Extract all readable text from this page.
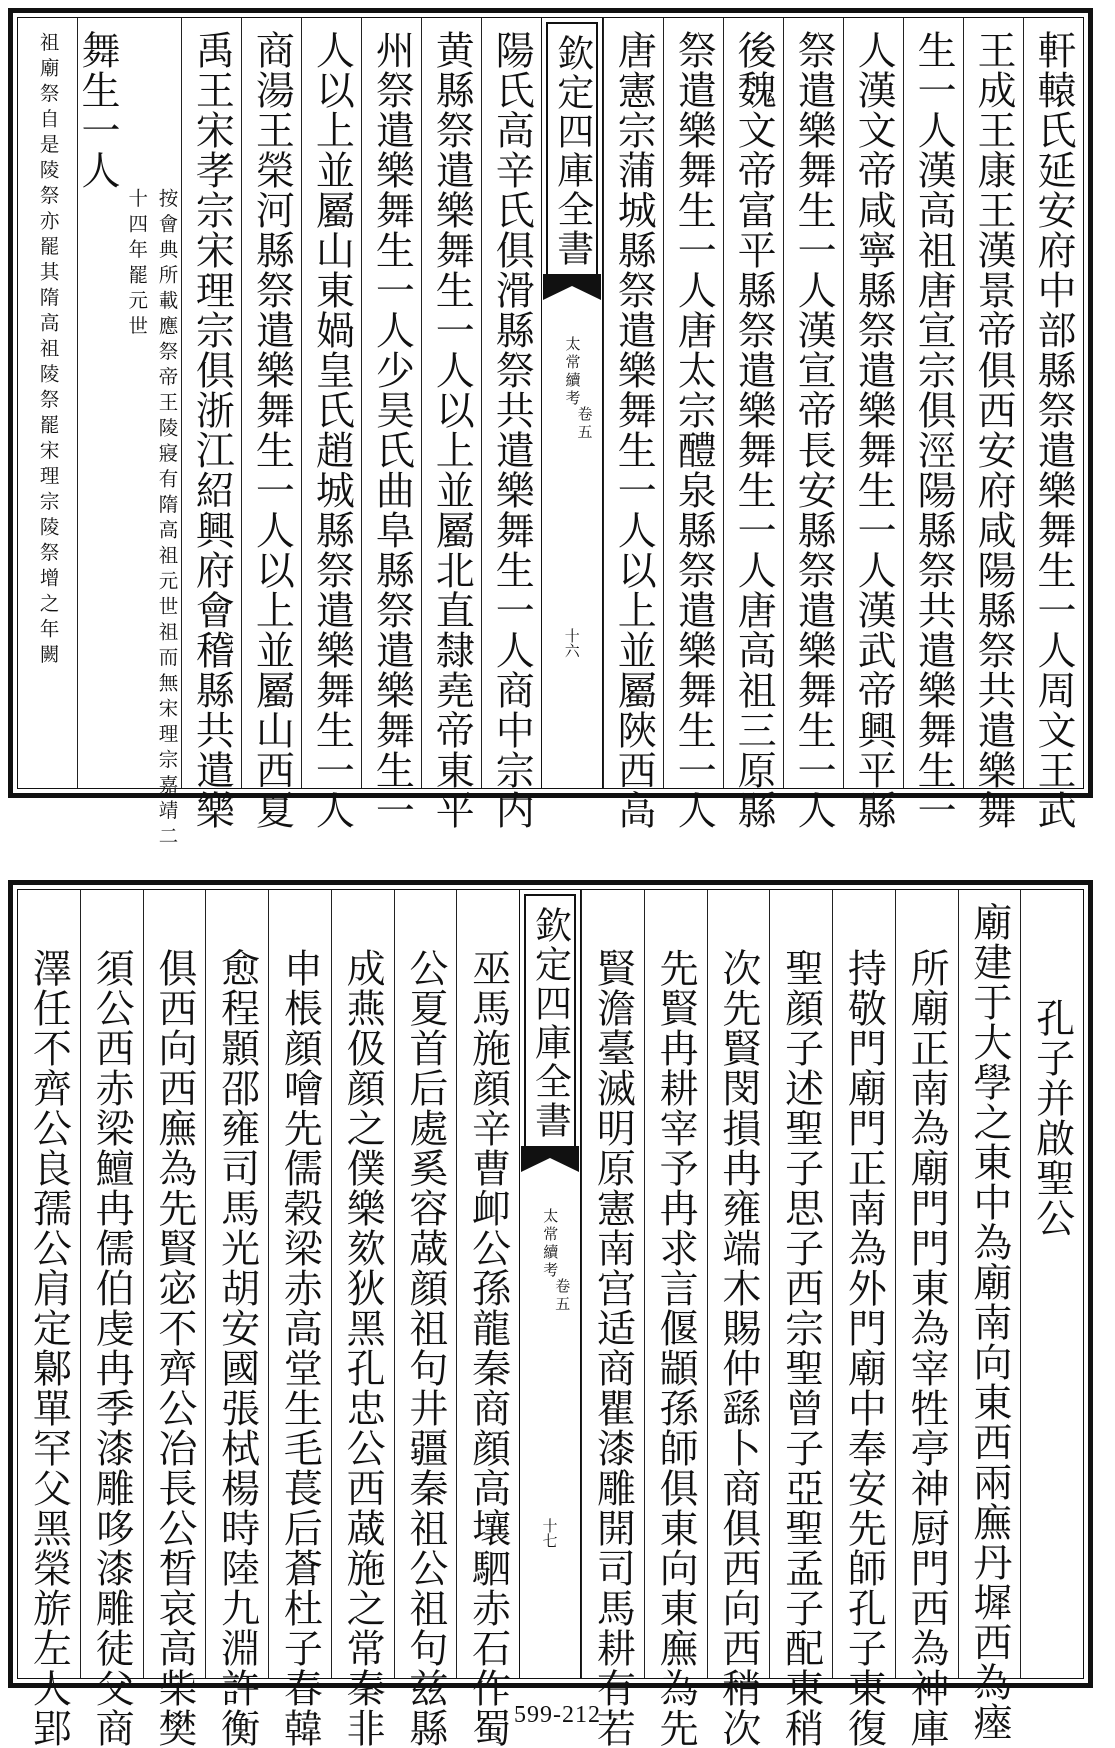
軒轅氏延安府中部縣祭遣樂舞生一人周文王武
王成王康王漢景帝俱西安府咸陽縣祭共遣樂舞
生一人漢高祖唐宣宗俱涇陽縣祭共遣樂舞生一
人漢文帝咸寧縣祭遣樂舞生一人漢武帝興平縣
祭遣樂舞生一人漢宣帝長安縣祭遣樂舞生一人
後魏文帝富平縣祭遣樂舞生一人唐高祖三原縣
祭遣樂舞生一人唐太宗醴泉縣祭遣樂舞生一人
唐憲宗蒲城縣祭遣樂舞生一人以上並屬陜西高
欽定四庫全書
太常續考
卷五
十六
陽氏高辛氏俱滑縣祭共遣樂舞生一人商中宗内
黄縣祭遣樂舞生一人以上並屬北直隸堯帝東平
州祭遣樂舞生一人少昊氏曲阜縣祭遣樂舞生一
人以上並屬山東媧皇氏趙城縣祭遣樂舞生一人
商湯王榮河縣祭遣樂舞生一人以上並屬山西夏
禹王宋孝宗宋理宗俱浙江紹興府會稽縣共遣樂
舞生一人
按會典所載應祭帝王陵寢有隋高祖元世祖而無宋理宗嘉靖二十四年罷元世
祖廟祭自是陵祭亦罷其隋高祖陵祭罷宋理宗陵祭增之年闕
孔子并啟聖公
廟建于大學之東中為廟南向東西兩廡丹墀西為瘞
所廟正南為廟門門東為宰牲亭神厨門西為神庫
持敬門廟門正南為外門廟中奉安先師孔子東復
聖顔子述聖子思子西宗聖曾子亞聖孟子配東稍
次先賢閔損冉雍端木賜仲繇卜商俱西向西稍次
先賢冉耕宰予冉求言偃顓孫師俱東向東廡為先
賢澹臺滅明原憲南宫适商瞿漆雕開司馬耕有若
欽定四庫全書
太常續考
卷五
十七
巫馬施顔辛曹卹公孫龍秦商顔高壤駟赤石作蜀
公夏首后處奚容蒧顔祖句井疆秦祖公祖句兹縣
成燕伋顔之僕樂欬狄黑孔忠公西蒧施之常秦非
申棖顔噲先儒榖梁赤高堂生毛萇后蒼杜子春韓
愈程顥邵雍司馬光胡安國張栻楊時陸九淵許衡
俱西向西廡為先賢宓不齊公冶長公晳哀高柴樊
須公西赤梁鱣冉儒伯虔冉季漆雕哆漆雕徒父商
澤任不齊公良孺公肩定鄡單罕父黑榮旂左人郢	599-212
